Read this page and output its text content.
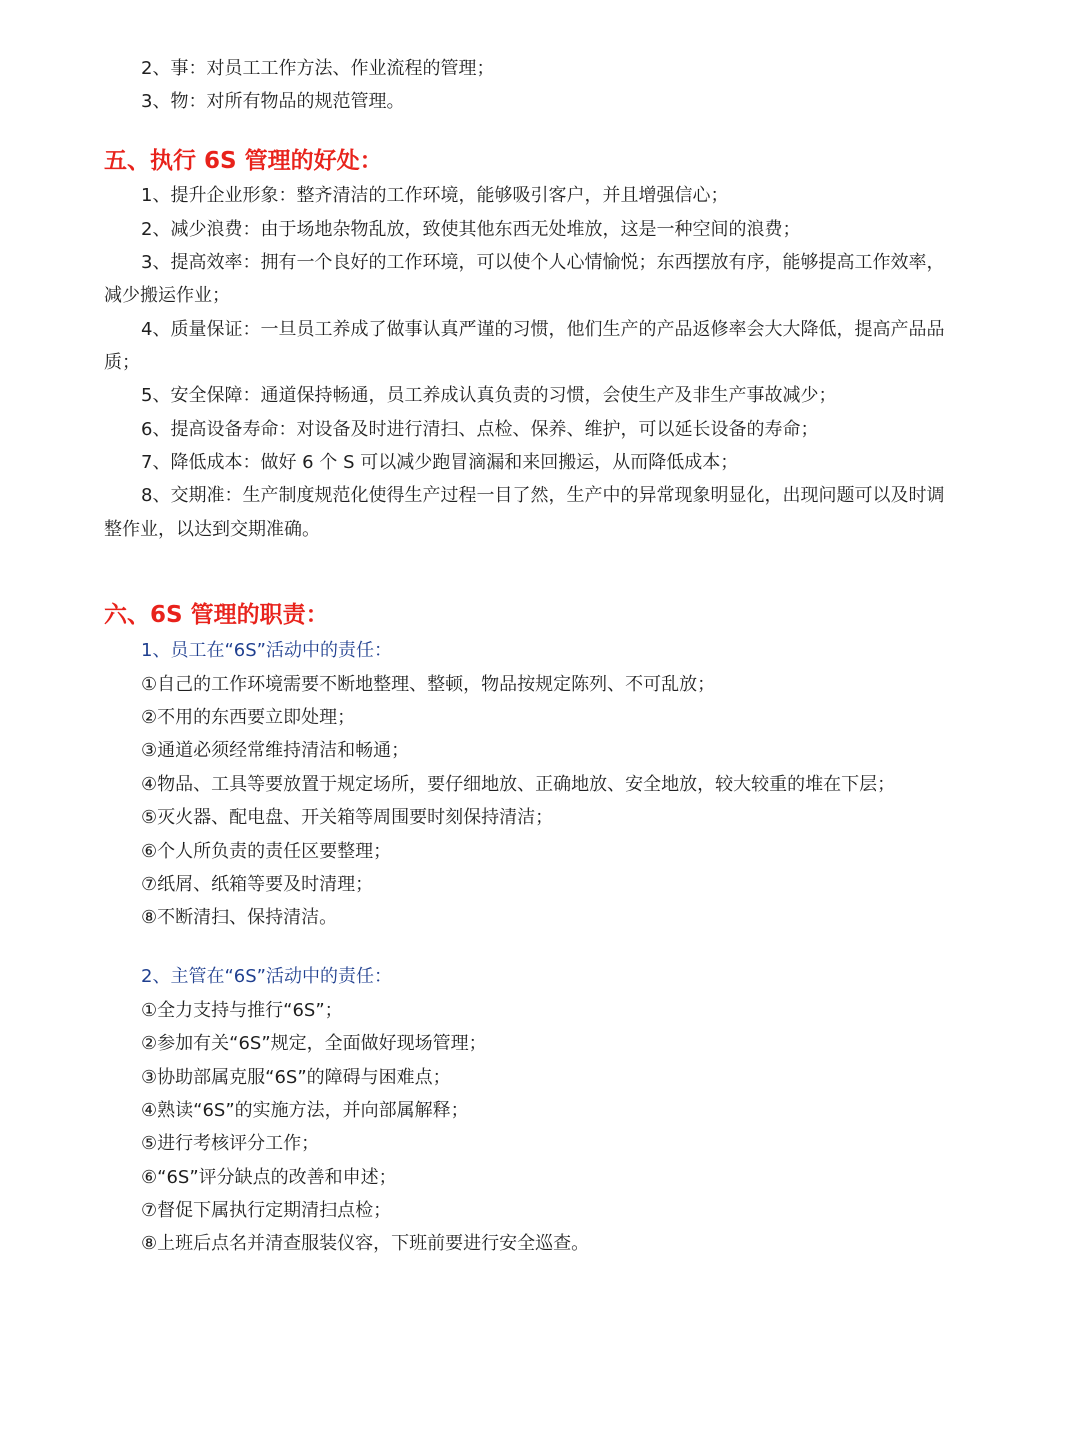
2、事：对员工工作方法、作业流程的管理；
3、物：对所有物品的规范管理。
五、执行 6S 管理的好处：
1、提升企业形象：整齐清洁的工作环境，能够吸引客户，并且增强信心；
2、减少浪费：由于场地杂物乱放，致使其他东西无处堆放，这是一种空间的浪费；
3、提高效率：拥有一个良好的工作环境，可以使个人心情愉悦；东西摆放有序，能够提高工作效率，
减少搬运作业；
4、质量保证：一旦员工养成了做事认真严谨的习惯，他们生产的产品返修率会大大降低，提高产品品
质；
5、安全保障：通道保持畅通，员工养成认真负责的习惯，会使生产及非生产事故减少；
6、提高设备寿命：对设备及时进行清扫、点检、保养、维护，可以延长设备的寿命；
7、降低成本：做好 6 个 S 可以减少跑冒滴漏和来回搬运，从而降低成本；
8、交期准：生产制度规范化使得生产过程一目了然，生产中的异常现象明显化，出现问题可以及时调
整作业，以达到交期准确。
六、6S 管理的职责：
1、员工在“6S”活动中的责任：
①自己的工作环境需要不断地整理、整顿，物品按规定陈列、不可乱放；
②不用的东西要立即处理；
③通道必须经常维持清洁和畅通；
④物品、工具等要放置于规定场所，要仔细地放、正确地放、安全地放，较大较重的堆在下层；
⑤灭火器、配电盘、开关箱等周围要时刻保持清洁；
⑥个人所负责的责任区要整理；
⑦纸屑、纸箱等要及时清理；
⑧不断清扫、保持清洁。
2、主管在“6S”活动中的责任：
①全力支持与推行“6S”；
②参加有关“6S”规定，全面做好现场管理；
③协助部属克服“6S”的障碍与困难点；
④熟读“6S”的实施方法，并向部属解释；
⑤进行考核评分工作；
⑥“6S”评分缺点的改善和申述；
⑦督促下属执行定期清扫点检；
⑧上班后点名并清查服装仪容，下班前要进行安全巡查。
